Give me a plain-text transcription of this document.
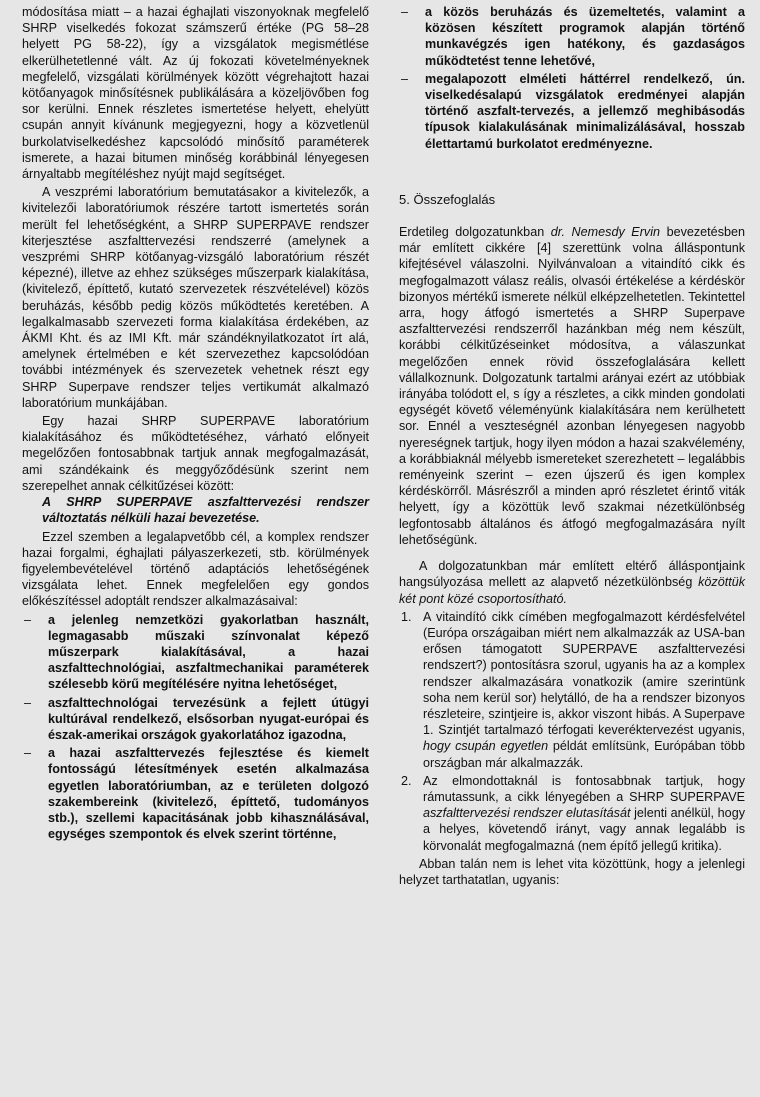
módosítása miatt – a hazai éghajlati viszonyoknak megfelelő SHRP viselkedés fokozat számszerű értéke (PG 58–28 helyett PG 58-22), így a vizsgálatok megismétlése elkerülhetetlenné vált. Az új fokozati követelményeknek megfelelő, vizsgálati körülmények között végrehajtott hazai kötőanyagok minősítésnek publikálására a közeljövőben fog sor kerülni. Ennek részletes ismertetése helyett, ehelyütt csupán annyit kívánunk megjegyezni, hogy a közvetlenül burkolatviselkedéshez kapcsolódó minősítő paraméterek ismerete, a hazai bitumen minőség korábbinál lényegesen árnyaltabb megítéléshez nyújt majd segítséget.

A veszprémi laboratórium bemutatásakor a kivitelezők, a kivitelezői laboratóriumok részére tartott ismertetés során merült fel lehetőségként, a SHRP SUPERPAVE rendszer kiterjesztése aszfalttervezési rendszerré (amelynek a veszprémi SHRP kötőanyag-vizsgáló laboratórium részét képezné), illetve az ehhez szükséges műszerpark kialakítása, (kivitelező, építtető, kutató szervezetek részvételével) közös beruházás, később pedig közös működtetés keretében. A legalkalmasabb szervezeti forma kialakítása érdekében, az ÁKMI Kht. és az IMI Kft. már szándéknyilatkozatot írt alá, amelynek értelmében e két szervezethez kapcsolódóan további intézmények és szervezetek vehetnek részt egy SHRP Superpave rendszer teljes vertikumát alkalmazó laboratórium munkájában.

Egy hazai SHRP SUPERPAVE laboratórium kialakításához és működtetéséhez, várható előnyeit megelőzően fontosabbnak tartjuk annak megfogalmazását, ami szándékaink és meggyőződésünk szerint nem szerepelhet annak célkitűzései között:

A SHRP SUPERPAVE aszfalttervezési rendszer változtatás nélküli hazai bevezetése.

Ezzel szemben a legalapvetőbb cél, a komplex rendszer hazai forgalmi, éghajlati pályaszerkezeti, stb. körülmények figyelembevételével történő adaptációs lehetőségének vizsgálata lehet. Ennek megfelelően egy gondos előkészítéssel adoptált rendszer alkalmazásaival:

– a jelenleg nemzetközi gyakorlatban használt, legmagasabb műszaki színvonalat képező műszerpark kialakításával, a hazai aszfalttechnológiai, aszfaltmechanikai paraméterek szélesebb körű megítélésére nyitna lehetőséget,
– aszfalttechnológai tervezésünk a fejlett útügyi kultúrával rendelkező, elsősorban nyugat-európai és észak-amerikai országok gyakorlatához igazodna,
– a hazai aszfalttervezés fejlesztése és kiemelt fontosságú létesítmények esetén alkalmazása egyetlen laboratóriumban, az e területen dolgozó szakembereink (kivitelező, építtető, tudományos stb.), szellemi kapacitásának jobb kihasználásával, egységes szempontok és elvek szerint történne,
– a közös beruházás és üzemeltetés, valamint a közösen készített programok alapján történő munkavégzés igen hatékony, és gazdaságos működtetést tenne lehetővé,
– megalapozott elméleti háttérrel rendelkező, ún. viselkedésalapú vizsgálatok eredményei alapján történő aszfalt-tervezés, a jellemző meghibásodás típusok kialakulásának minimalizálásával, hosszab élettartamú burkolatot eredményezne.
5. Összefoglalás

Erdetileg dolgozatunkban dr. Nemesdy Ervin bevezetésben már említett cikkére [4] szerettünk volna álláspontunk kifejtésével válaszolni. Nyilvánvaloan a vitaindító cikk és megfogalmazott válasz reális, olvasói értékelése a kérdéskör bizonyos mértékű ismerete nélkül elképzelhetetlen. Tekintettel arra, hogy átfogó ismertetés a SHRP Superpave aszfalttervezési rendszerről hazánkban még nem készült, korábbi célkitűzéseinket módosítva, a válaszunkat megelőzően ennek rövid összefoglalására kellett vállalkoznunk. Dolgozatunk tartalmi arányai ezért az utóbbiak irányába tolódott el, s így a részletes, a cikk minden gondolati egységét követő véleményünk kialakítására nem kerülhetett sor. Ennél a veszteségnél azonban lényegesen nagyobb nyereségnek tartjuk, hogy ilyen módon a hazai szakvélemény, a korábbiaknál mélyebb ismereteket szerezhetett – legalábbis reményeink szerint – ezen újszerű és igen komplex kérdéskörről. Másrészről a minden apró részletet érintő viták helyett, így a közöttük levő szakmai nézetkülönbség legfontosabb általános és átfogó megfogalmazására nyílt lehetőségünk.

A dolgozatunkban már említett eltérő álláspontjaink hangsúlyozása mellett az alapvető nézetkülönbség közöttük két pont közé csoportosítható.

1. A vitaindító cikk címében megfogalmazott kérdésfelvétel (Európa országaiban miért nem alkalmazzák az USA-ban erősen támogatott SUPERPAVE aszfalttervezési rendszert?) pontosításra szorul, ugyanis ha az a komplex rendszer alkalmazására vonatkozik (amire szerintünk soha nem kerül sor) helytálló, de ha a rendszer bizonyos részleteire, szintjeire is, akkor viszont hibás. A Superpave 1. Szintjét tartalmazó térfogati keveréktervezést ugyanis, hogy csupán egyetlen példát említsünk, Európában több országban már alkalmazzák.
2. Az elmondottaknál is fontosabbnak tartjuk, hogy rámutassunk, a cikk lényegében a SHRP SUPERPAVE aszfalttervezési rendszer elutasítását jelenti anélkül, hogy a helyes, követendő irányt, vagy annak legalább is körvonalát megfogalmazná (nem építő jellegű kritika).

Abban talán nem is lehet vita közöttünk, hogy a jelenlegi helyzet tarthatatlan, ugyanis:
